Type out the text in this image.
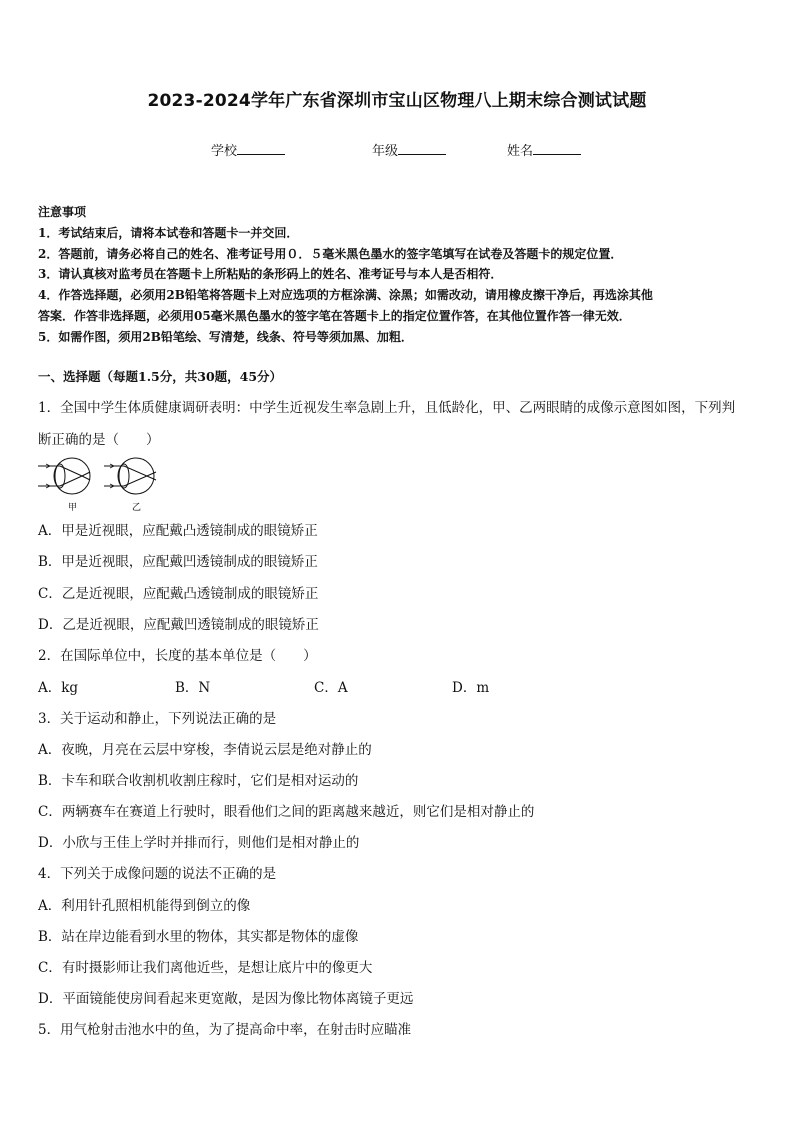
2023-2024学年广东省深圳市宝山区物理八上期末综合测试试题
学校	年级	姓名
注意事项
1．考试结束后，请将本试卷和答题卡一并交回．
2．答题前，请务必将自己的姓名、准考证号用０．５毫米黑色墨水的签字笔填写在试卷及答题卡的规定位置．
3．请认真核对监考员在答题卡上所粘贴的条形码上的姓名、准考证号与本人是否相符．
4．作答选择题，必须用2B铅笔将答题卡上对应选项的方框涂满、涂黑；如需改动，请用橡皮擦干净后，再选涂其他
答案．作答非选择题，必须用05毫米黑色墨水的签字笔在答题卡上的指定位置作答，在其他位置作答一律无效．
5．如需作图，须用2B铅笔绘、写清楚，线条、符号等须加黑、加粗．
一、选择题（每题1.5分，共30题，45分）
1．全国中学生体质健康调研表明：中学生近视发生率急剧上升，且低龄化，甲、乙两眼睛的成像示意图如图，下列判
断正确的是（　　）
甲	乙
A．甲是近视眼，应配戴凸透镜制成的眼镜矫正
B．甲是近视眼，应配戴凹透镜制成的眼镜矫正
C．乙是近视眼，应配戴凸透镜制成的眼镜矫正
D．乙是近视眼，应配戴凹透镜制成的眼镜矫正
2．在国际单位中，长度的基本单位是（　　）
A．kg	B．N	C．A	D．m
3．关于运动和静止，下列说法正确的是
A．夜晚，月亮在云层中穿梭，李倩说云层是绝对静止的
B．卡车和联合收割机收割庄稼时，它们是相对运动的
C．两辆赛车在赛道上行驶时，眼看他们之间的距离越来越近，则它们是相对静止的
D．小欣与王佳上学时并排而行，则他们是相对静止的
4．下列关于成像问题的说法不正确的是
A．利用针孔照相机能得到倒立的像
B．站在岸边能看到水里的物体，其实都是物体的虚像
C．有时摄影师让我们离他近些，是想让底片中的像更大
D．平面镜能使房间看起来更宽敞，是因为像比物体离镜子更远
5．用气枪射击池水中的鱼，为了提高命中率，在射击时应瞄准
